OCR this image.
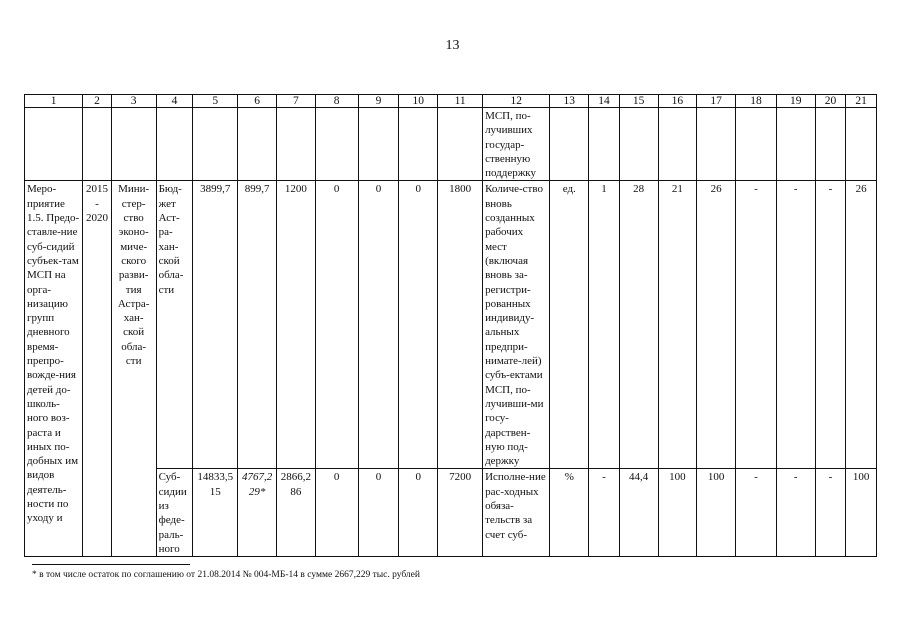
13
1	2	3	4	5	6	7	8	9	10	11	12	13	14	15	16	17	18	19	20	21
											МСП, по-лучивших государ-ственную поддержку									
Меро-приятие 1.5. Предо-ставле-ние суб-сидий субъек-там МСП на орга-низацию групп дневного время-препро-вожде-ния детей до-школь-ного воз-раста и иных по-добных им видов деятель-ности по уходу и	2015 - 2020	Мини-стер-ство эконо-миче-ского разви-тия Астра-хан-ской обла-сти	Бюд-жет Аст-ра-хан-ской обла-сти	3899,7	899,7	1200	0	0	0	1800	Количе-ство вновь созданных рабочих мест (включая вновь за-регистри-рованных индивиду-альных предпри-нимате-лей) субъ-ектами МСП, по-лучивши-ми госу-дарствен-ную под-держку	ед.	1	28	21	26	-	-	-	26
			Суб-сидии из феде-раль-ного	14833,515	4767,229*	2866,286	0	0	0	7200	Исполне-ние рас-ходных обяза-тельств за счет суб-	%	-	44,4	100	100	-	-	-	100
* в том числе остаток по соглашению от 21.08.2014 № 004-МБ-14 в сумме 2667,229 тыс. рублей
